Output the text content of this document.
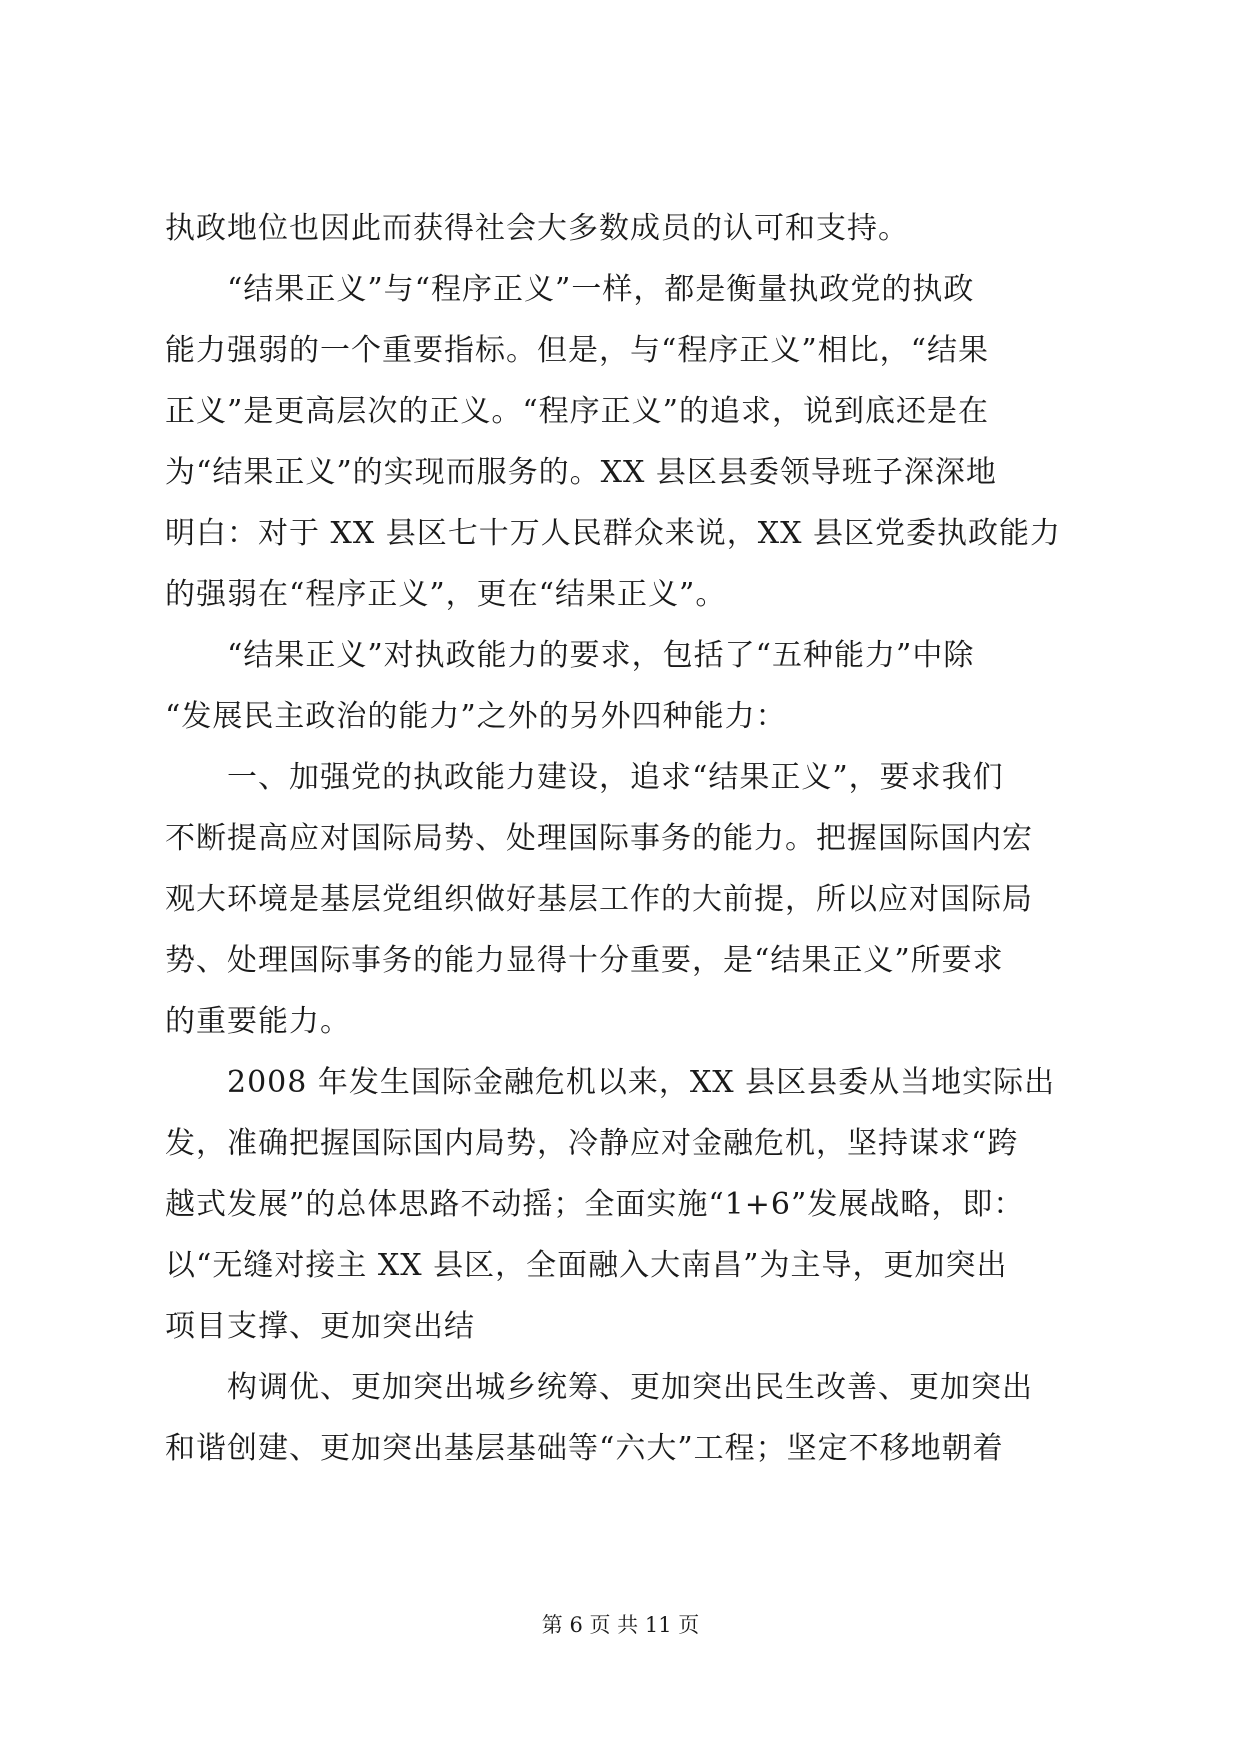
执政地位也因此而获得社会大多数成员的认可和支持。
“结果正义”与“程序正义”一样，都是衡量执政党的执政
能力强弱的一个重要指标。但是，与“程序正义”相比，“结果
正义”是更高层次的正义。“程序正义”的追求，说到底还是在
为“结果正义”的实现而服务的。XX 县区县委领导班子深深地
明白：对于 XX 县区七十万人民群众来说，XX 县区党委执政能力
的强弱在“程序正义”，更在“结果正义”。
“结果正义”对执政能力的要求，包括了“五种能力”中除
“发展民主政治的能力”之外的另外四种能力：
一、加强党的执政能力建设，追求“结果正义”，要求我们
不断提高应对国际局势、处理国际事务的能力。把握国际国内宏
观大环境是基层党组织做好基层工作的大前提，所以应对国际局
势、处理国际事务的能力显得十分重要，是“结果正义”所要求
的重要能力。
2008 年发生国际金融危机以来，XX 县区县委从当地实际出
发，准确把握国际国内局势，冷静应对金融危机，坚持谋求“跨
越式发展”的总体思路不动摇；全面实施“1+6”发展战略，即：
以“无缝对接主 XX 县区，全面融入大南昌”为主导，更加突出
项目支撑、更加突出结
构调优、更加突出城乡统筹、更加突出民生改善、更加突出
和谐创建、更加突出基层基础等“六大”工程；坚定不移地朝着
第 6 页 共 11 页
